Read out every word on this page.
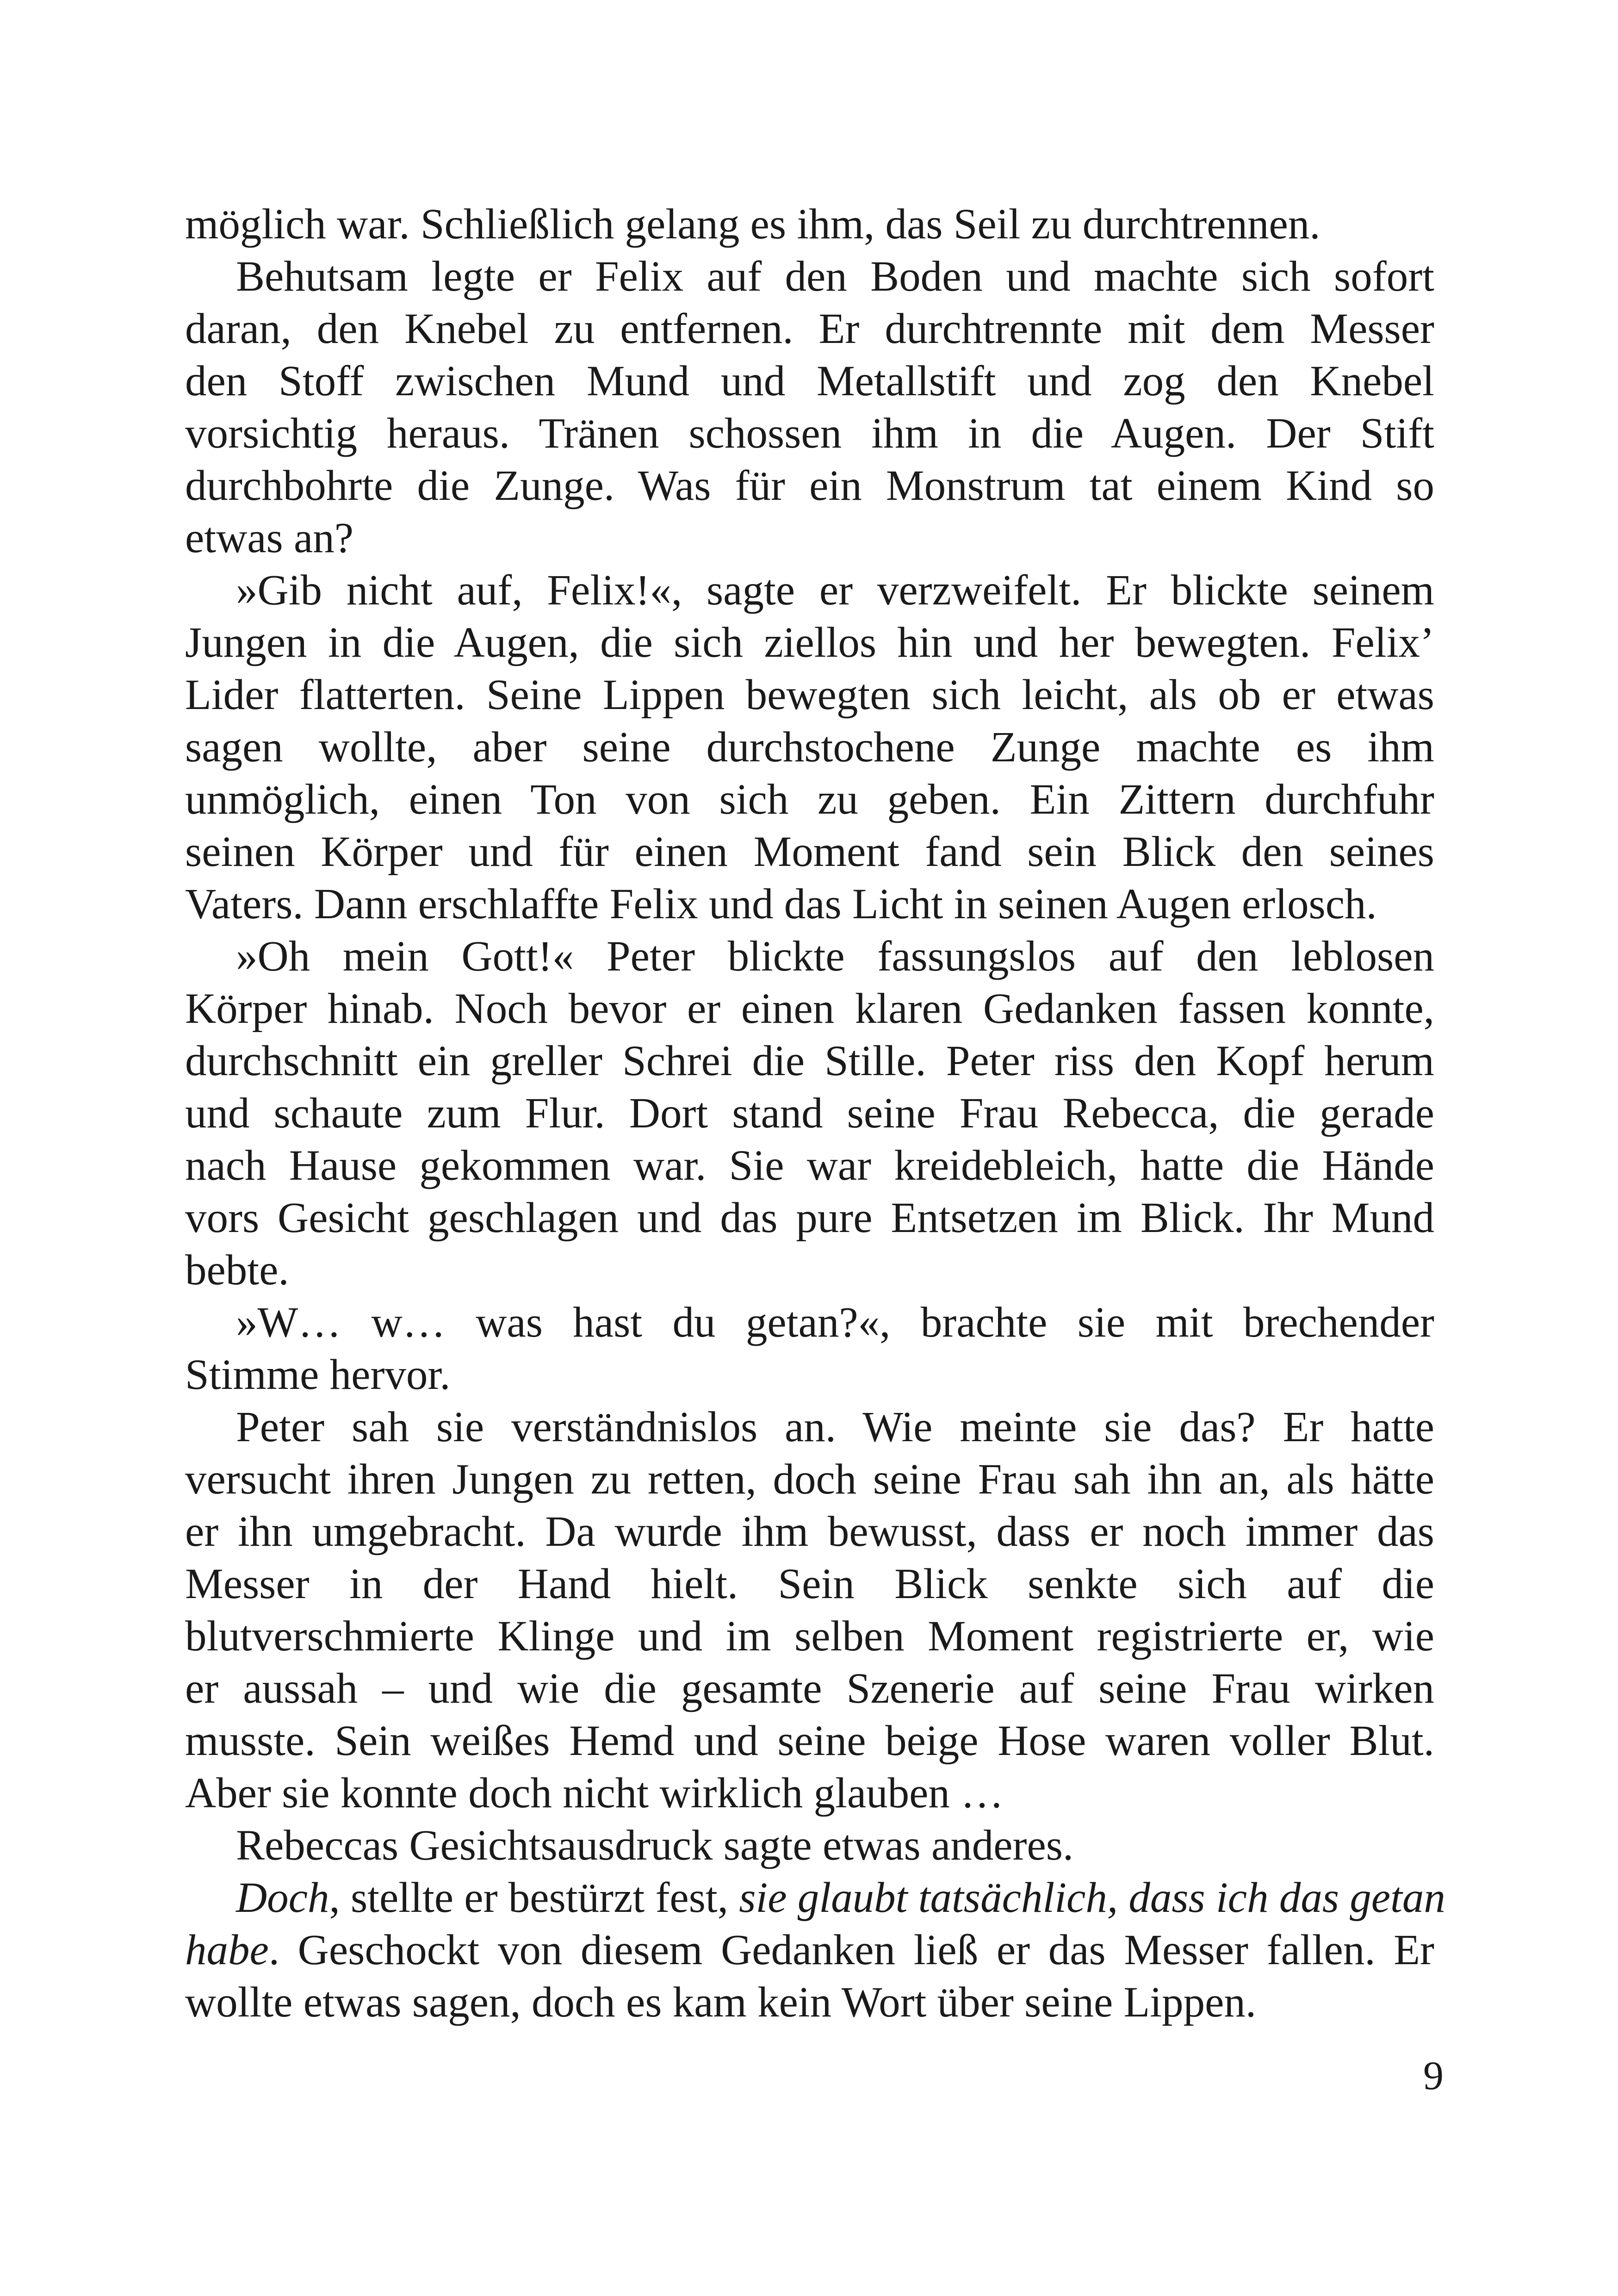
möglich war. Schließlich gelang es ihm, das Seil zu durchtrennen.
Behutsam legte er Felix auf den Boden und machte sich sofort
daran, den Knebel zu entfernen. Er durchtrennte mit dem Messer
den Stoff zwischen Mund und Metallstift und zog den Knebel
vorsichtig heraus. Tränen schossen ihm in die Augen. Der Stift
durchbohrte die Zunge. Was für ein Monstrum tat einem Kind so
etwas an?
»Gib nicht auf, Felix!«, sagte er verzweifelt. Er blickte seinem
Jungen in die Augen, die sich ziellos hin und her bewegten. Felix’
Lider flatterten. Seine Lippen bewegten sich leicht, als ob er etwas
sagen wollte, aber seine durchstochene Zunge machte es ihm
unmöglich, einen Ton von sich zu geben. Ein Zittern durchfuhr
seinen Körper und für einen Moment fand sein Blick den seines
Vaters. Dann erschlaffte Felix und das Licht in seinen Augen erlosch.
»Oh mein Gott!« Peter blickte fassungslos auf den leblosen
Körper hinab. Noch bevor er einen klaren Gedanken fassen konnte,
durchschnitt ein greller Schrei die Stille. Peter riss den Kopf herum
und schaute zum Flur. Dort stand seine Frau Rebecca, die gerade
nach Hause gekommen war. Sie war kreidebleich, hatte die Hände
vors Gesicht geschlagen und das pure Entsetzen im Blick. Ihr Mund
bebte.
»W… w… was hast du getan?«, brachte sie mit brechender
Stimme hervor.
Peter sah sie verständnislos an. Wie meinte sie das? Er hatte
versucht ihren Jungen zu retten, doch seine Frau sah ihn an, als hätte
er ihn umgebracht. Da wurde ihm bewusst, dass er noch immer das
Messer in der Hand hielt. Sein Blick senkte sich auf die
blutverschmierte Klinge und im selben Moment registrierte er, wie
er aussah – und wie die gesamte Szenerie auf seine Frau wirken
musste. Sein weißes Hemd und seine beige Hose waren voller Blut.
Aber sie konnte doch nicht wirklich glauben …
Rebeccas Gesichtsausdruck sagte etwas anderes.
Doch, stellte er bestürzt fest, sie glaubt tatsächlich, dass ich das getan
habe. Geschockt von diesem Gedanken ließ er das Messer fallen. Er
wollte etwas sagen, doch es kam kein Wort über seine Lippen.
9
